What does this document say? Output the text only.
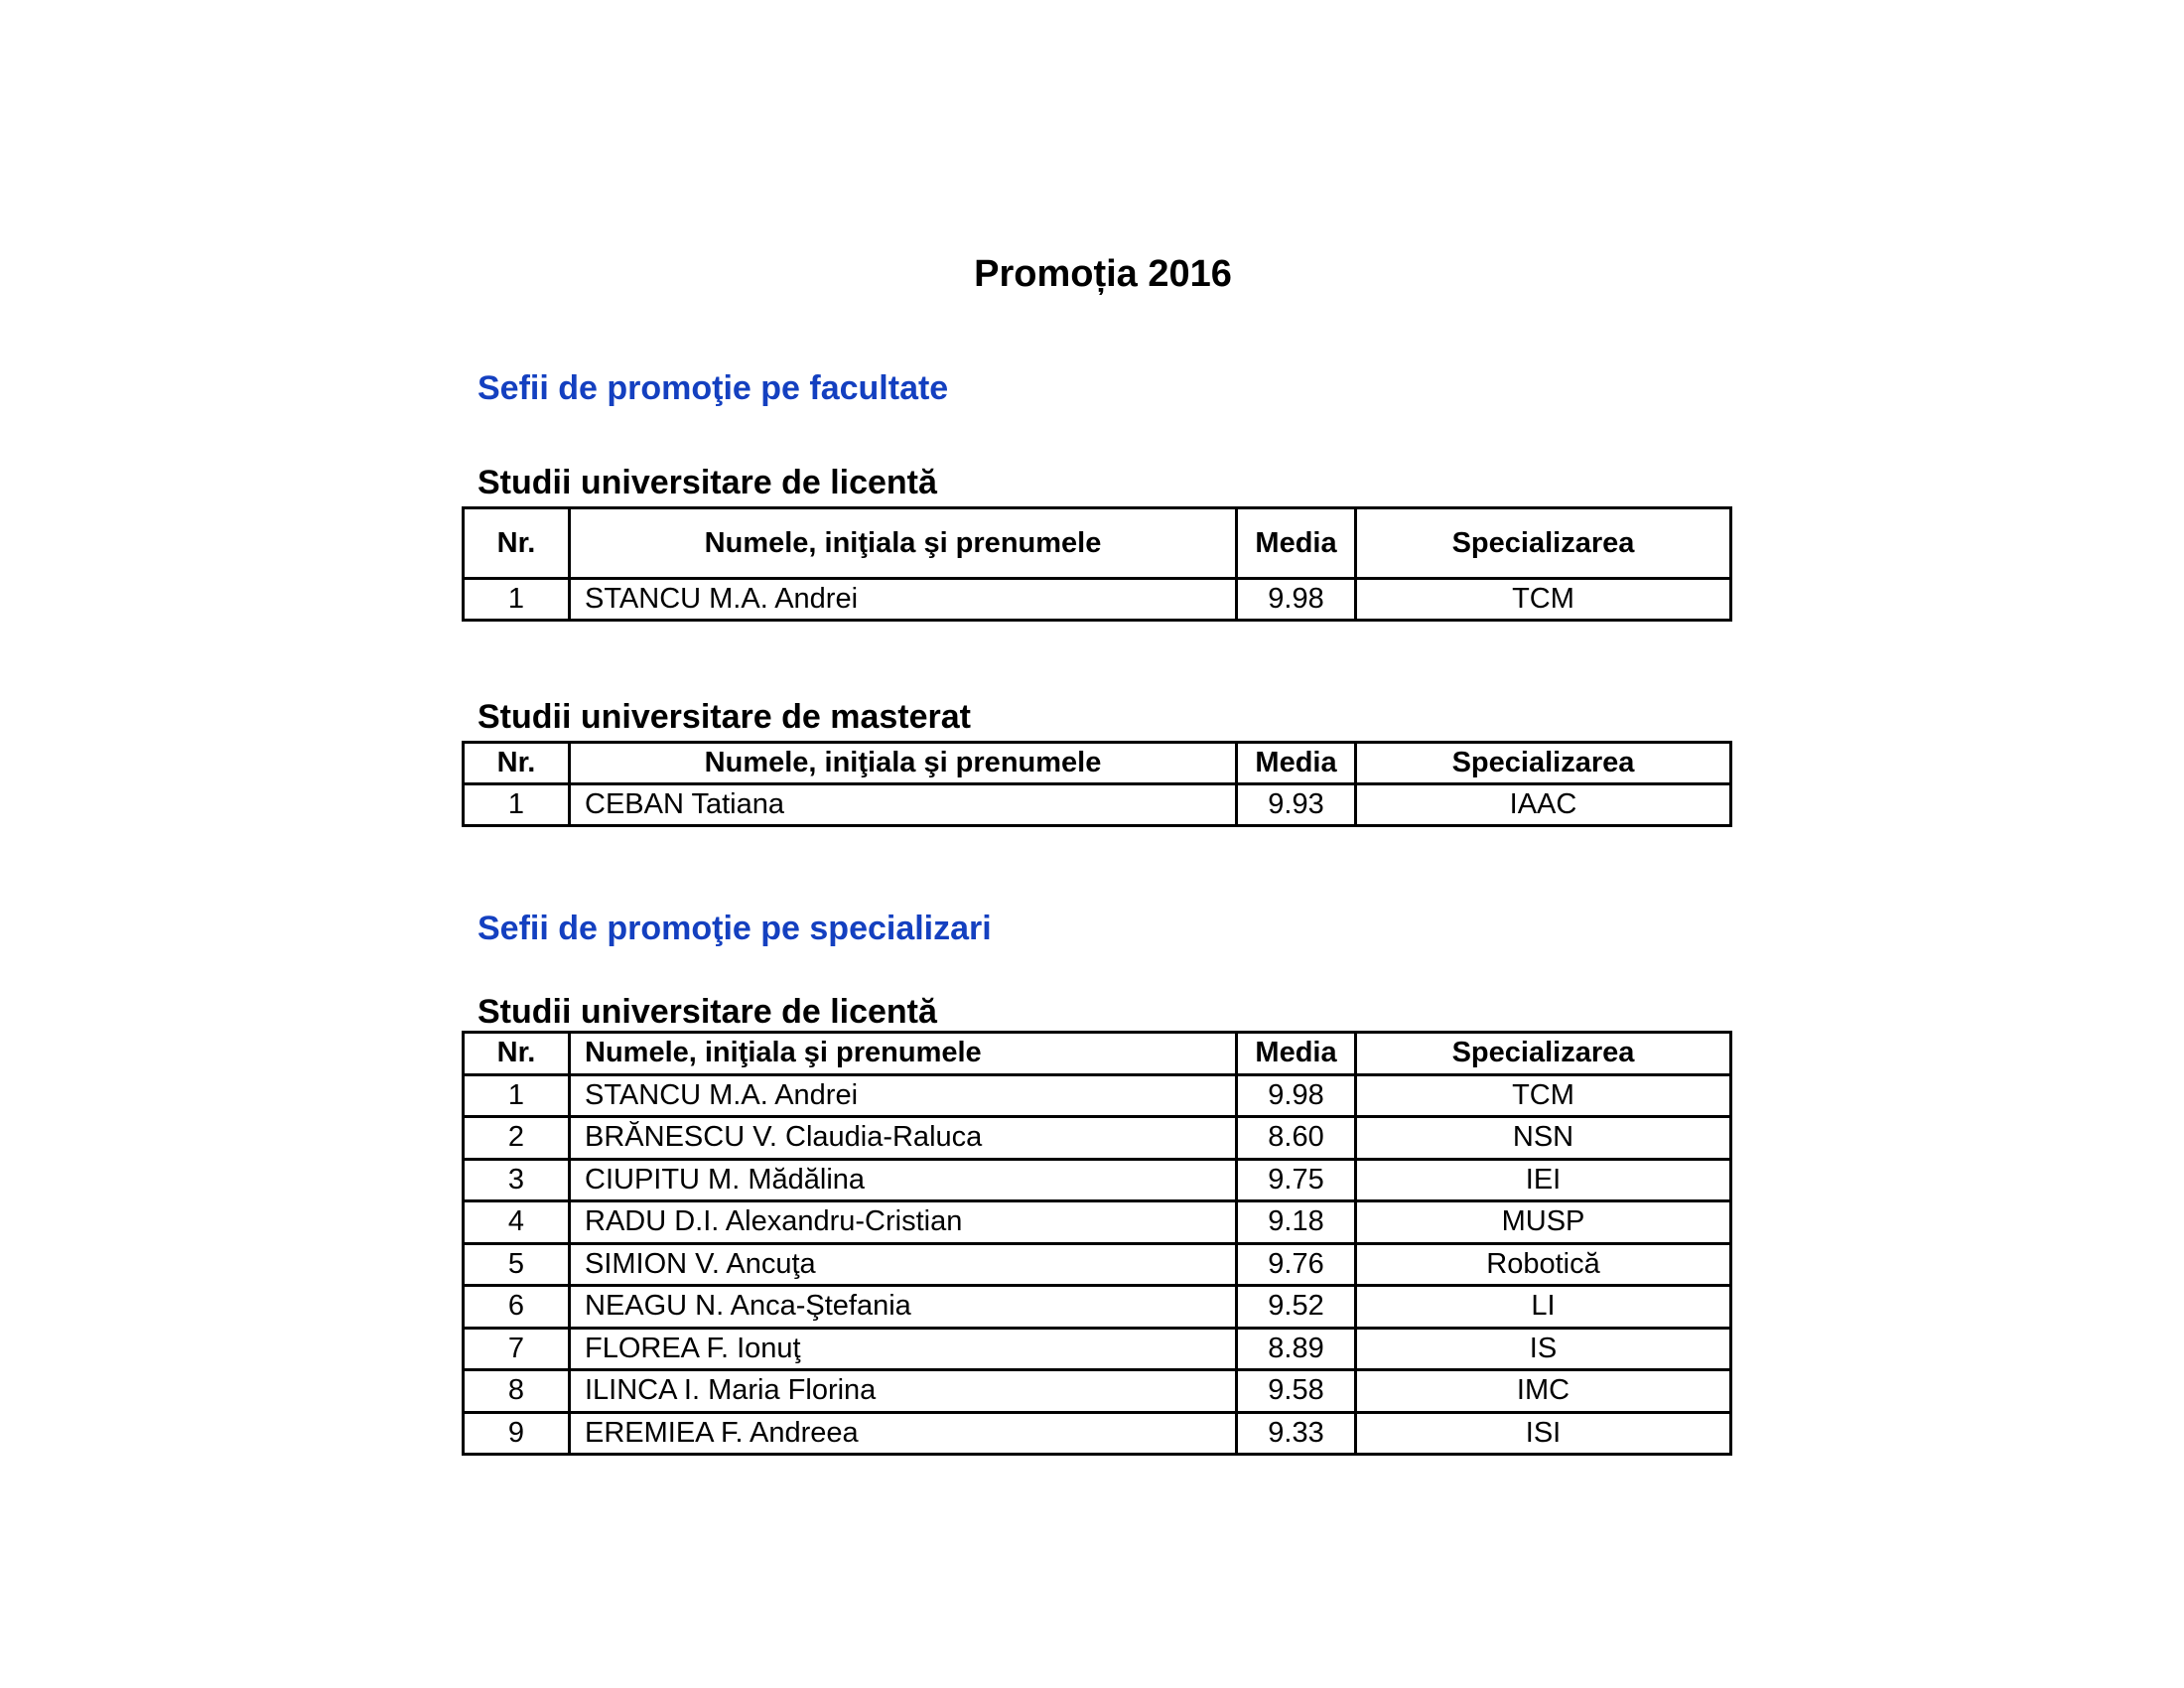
Promoția 2016
Sefii de promoţie pe facultate
Studii universitare de licentă
Nr.	Numele, iniţiala şi prenumele	Media	Specializarea
1	STANCU M.A. Andrei	9.98	TCM
Studii universitare de masterat
Nr.	Numele, iniţiala şi prenumele	Media	Specializarea
1	CEBAN Tatiana	9.93	IAAC
Sefii de promoţie pe specializari
Studii universitare de licentă
Nr.	Numele, iniţiala şi prenumele	Media	Specializarea
1	STANCU M.A. Andrei	9.98	TCM
2	BRĂNESCU V. Claudia-Raluca	8.60	NSN
3	CIUPITU M. Mădălina	9.75	IEI
4	RADU D.I. Alexandru-Cristian	9.18	MUSP
5	SIMION V. Ancuţa	9.76	Robotică
6	NEAGU N. Anca-Ştefania	9.52	LI
7	FLOREA F. Ionuţ	8.89	IS
8	ILINCA I. Maria Florina	9.58	IMC
9	EREMIEA F. Andreea	9.33	ISI
